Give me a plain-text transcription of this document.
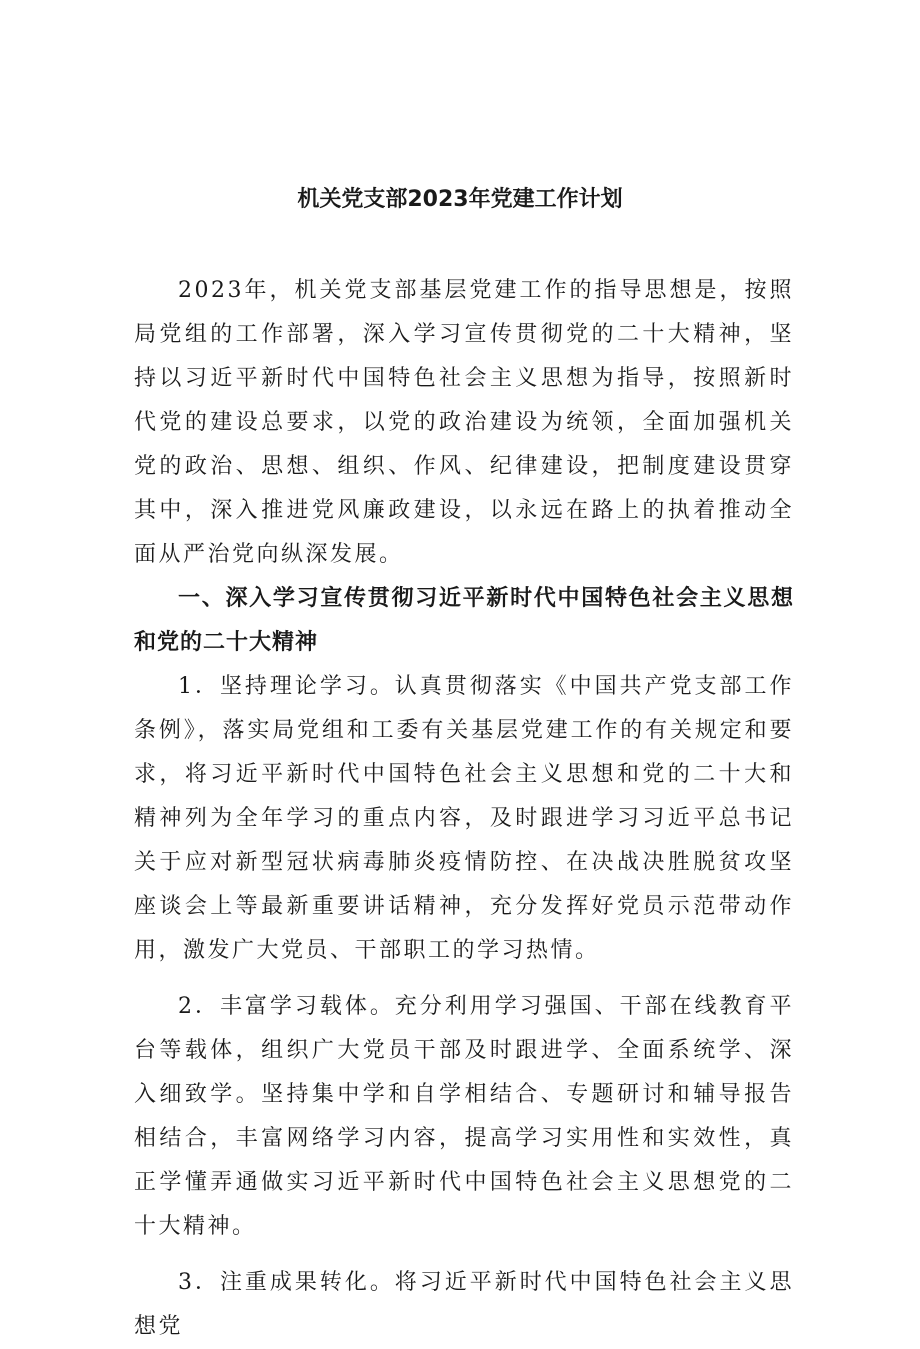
机关党支部2023年党建工作计划

2023年，机关党支部基层党建工作的指导思想是，按照局党组的工作部署，深入学习宣传贯彻党的二十大精神，坚持以习近平新时代中国特色社会主义思想为指导，按照新时代党的建设总要求，以党的政治建设为统领，全面加强机关党的政治、思想、组织、作风、纪律建设，把制度建设贯穿其中，深入推进党风廉政建设，以永远在路上的执着推动全面从严治党向纵深发展。

一、深入学习宣传贯彻习近平新时代中国特色社会主义思想和党的二十大精神

1．坚持理论学习。认真贯彻落实《中国共产党支部工作条例》，落实局党组和工委有关基层党建工作的有关规定和要求，将习近平新时代中国特色社会主义思想和党的二十大和精神列为全年学习的重点内容，及时跟进学习习近平总书记关于应对新型冠状病毒肺炎疫情防控、在决战决胜脱贫攻坚座谈会上等最新重要讲话精神，充分发挥好党员示范带动作用，激发广大党员、干部职工的学习热情。

2．丰富学习载体。充分利用学习强国、干部在线教育平台等载体，组织广大党员干部及时跟进学、全面系统学、深入细致学。坚持集中学和自学相结合、专题研讨和辅导报告相结合，丰富网络学习内容，提高学习实用性和实效性，真正学懂弄通做实习近平新时代中国特色社会主义思想党的二十大精神。

3．注重成果转化。将习近平新时代中国特色社会主义思想党
